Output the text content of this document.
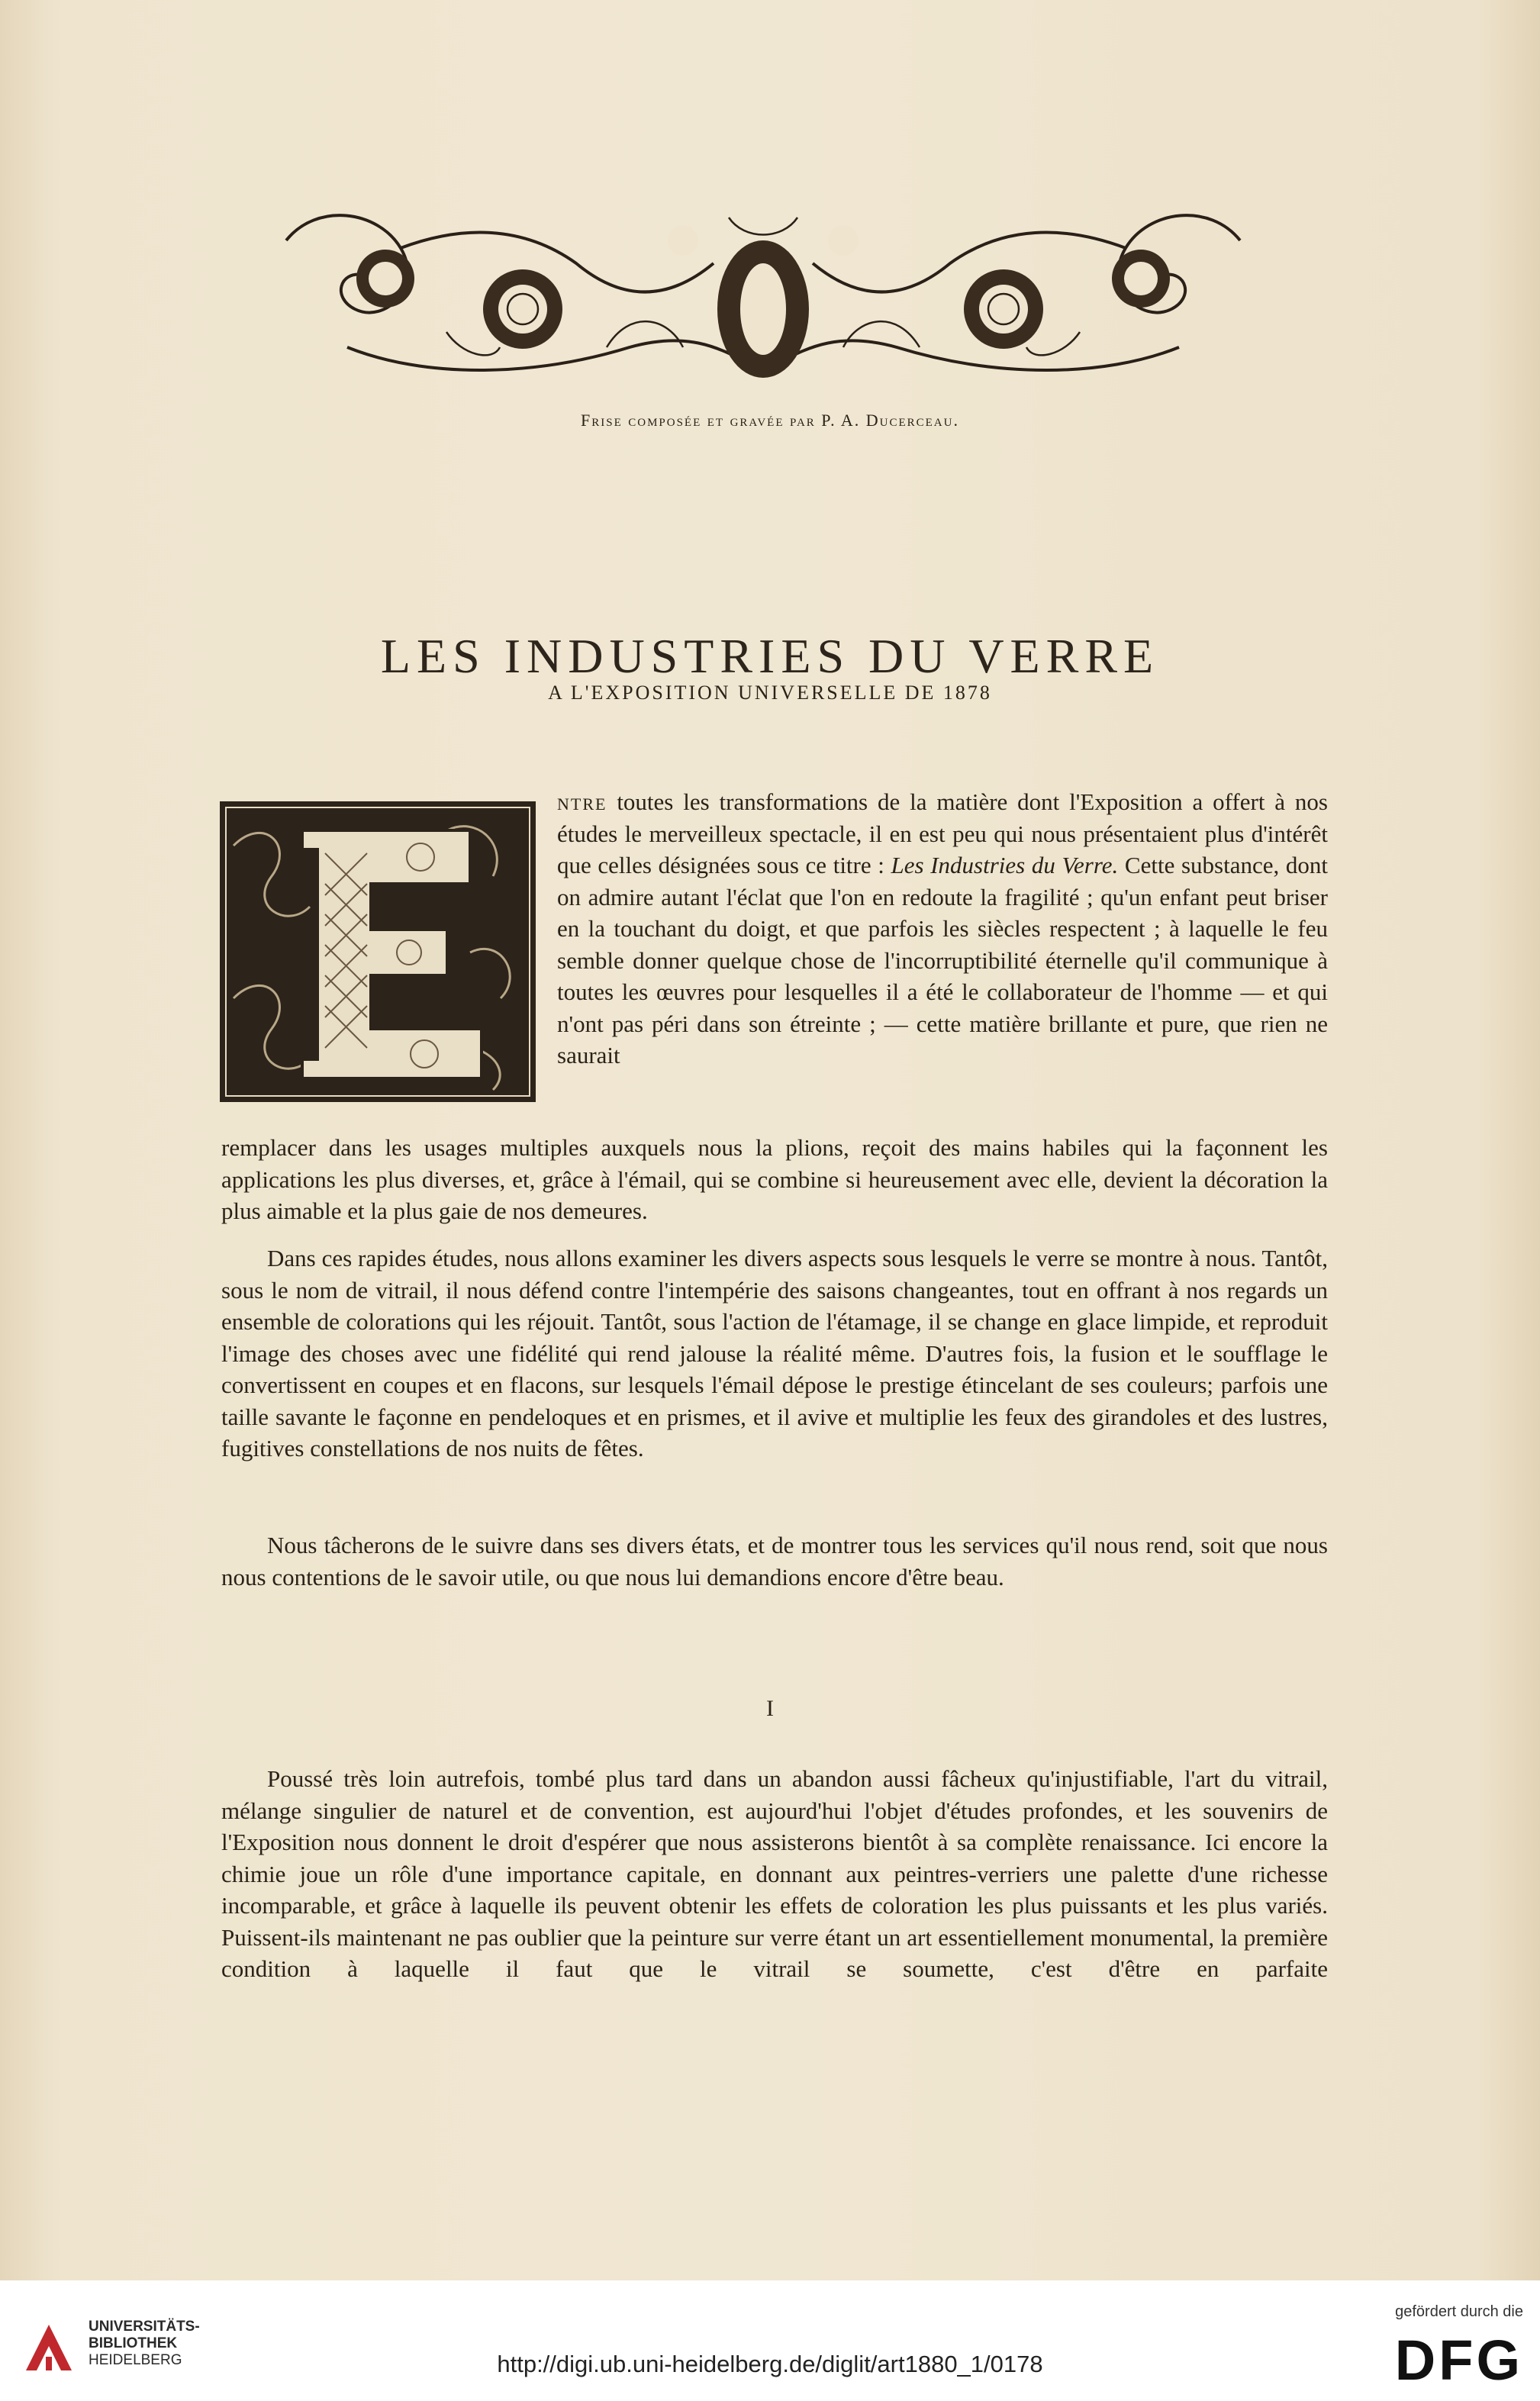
Frise composée et gravée par P. A. Ducerceau.
LES INDUSTRIES DU VERRE
A L'EXPOSITION UNIVERSELLE DE 1878

ntre toutes les transformations de la matière dont l'Exposition a offert à nos études le merveilleux spectacle, il en est peu qui nous présentaient plus d'intérêt que celles désignées sous ce titre : Les Industries du Verre. Cette substance, dont on admire autant l'éclat que l'on en redoute la fragilité ; qu'un enfant peut briser en la touchant du doigt, et que parfois les siècles respectent ; à laquelle le feu semble donner quelque chose de l'incorruptibilité éternelle qu'il communique à toutes les œuvres pour lesquelles il a été le collaborateur de l'homme — et qui n'ont pas péri dans son étreinte ; — cette matière brillante et pure, que rien ne saurait

remplacer dans les usages multiples auxquels nous la plions, reçoit des mains habiles qui la façonnent les applications les plus diverses, et, grâce à l'émail, qui se combine si heureusement avec elle, devient la décoration la plus aimable et la plus gaie de nos demeures.

Dans ces rapides études, nous allons examiner les divers aspects sous lesquels le verre se montre à nous. Tantôt, sous le nom de vitrail, il nous défend contre l'intempérie des saisons changeantes, tout en offrant à nos regards un ensemble de colorations qui les réjouit. Tantôt, sous l'action de l'étamage, il se change en glace limpide, et reproduit l'image des choses avec une fidélité qui rend jalouse la réalité même. D'autres fois, la fusion et le soufflage le convertissent en coupes et en flacons, sur lesquels l'émail dépose le prestige étincelant de ses couleurs; parfois une taille savante le façonne en pendeloques et en prismes, et il avive et multiplie les feux des girandoles et des lustres, fugitives constellations de nos nuits de fêtes.

Nous tâcherons de le suivre dans ses divers états, et de montrer tous les services qu'il nous rend, soit que nous nous contentions de le savoir utile, ou que nous lui demandions encore d'être beau.

I

Poussé très loin autrefois, tombé plus tard dans un abandon aussi fâcheux qu'injustifiable, l'art du vitrail, mélange singulier de naturel et de convention, est aujourd'hui l'objet d'études profondes, et les souvenirs de l'Exposition nous donnent le droit d'espérer que nous assisterons bientôt à sa complète renaissance. Ici encore la chimie joue un rôle d'une importance capitale, en donnant aux peintres-verriers une palette d'une richesse incomparable, et grâce à laquelle ils peuvent obtenir les effets de coloration les plus puissants et les plus variés. Puissent-ils maintenant ne pas oublier que la peinture sur verre étant un art essentiellement monumental, la première condition à laquelle il faut que le vitrail se soumette, c'est d'être en parfaite

UNIVERSITÄTS-
BIBLIOTHEK
HEIDELBERG	http://digi.ub.uni-heidelberg.de/diglit/art1880_1/0178
gefördert durch die
DFG
